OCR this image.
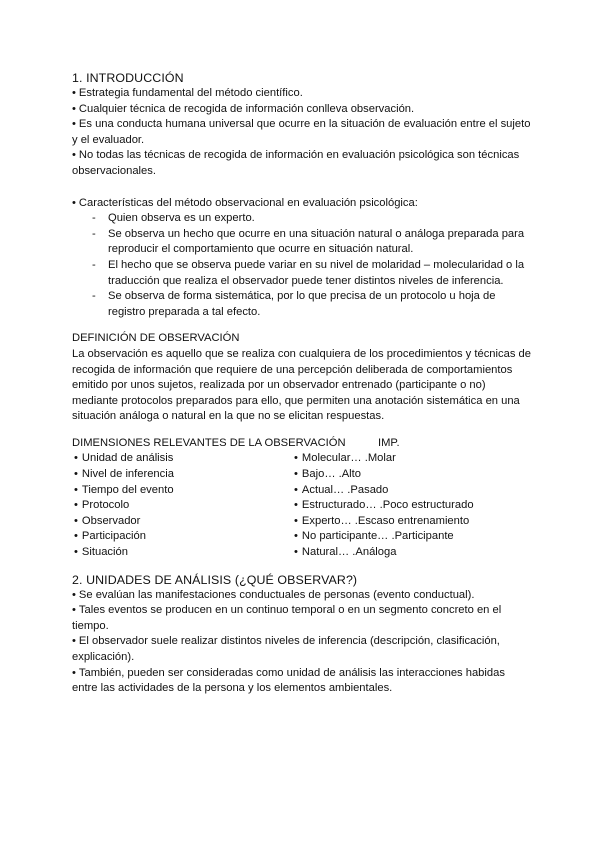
1. INTRODUCCIÓN
• Estrategia fundamental del método científico.
• Cualquier técnica de recogida de información conlleva observación.
• Es una conducta humana universal que ocurre en la situación de evaluación entre el sujeto y el evaluador.
• No todas las técnicas de recogida de información en evaluación psicológica son técnicas observacionales.
• Características del método observacional en evaluación psicológica:
- Quien observa es un experto.
- Se observa un hecho que ocurre en una situación natural o análoga preparada para reproducir el comportamiento que ocurre en situación natural.
- El hecho que se observa puede variar en su nivel de molaridad – molecularidad o la traducción que realiza el observador puede tener distintos niveles de inferencia.
- Se observa de forma sistemática, por lo que precisa de un protocolo u hoja de registro preparada a tal efecto.
DEFINICIÓN DE OBSERVACIÓN

La observación es aquello que se realiza con cualquiera de los procedimientos y técnicas de recogida de información que requiere de una percepción deliberada de comportamientos emitido por unos sujetos, realizada por un observador entrenado (participante o no) mediante protocolos preparados para ello, que permiten una anotación sistemática en una situación análoga o natural en la que no se elicitan respuestas.

DIMENSIONES RELEVANTES DE LA OBSERVACIÓN	IMP.
• Unidad de análisis
• Nivel de inferencia
• Tiempo del evento
• Protocolo
• Observador
• Participación
• Situación
• Molecular… .Molar
• Bajo… .Alto
• Actual… .Pasado
• Estructurado… .Poco estructurado
• Experto… .Escaso entrenamiento
• No participante… .Participante
• Natural… .Análoga
2. UNIDADES DE ANÁLISIS (¿QUÉ OBSERVAR?)
• Se evalúan las manifestaciones conductuales de personas (evento conductual).
• Tales eventos se producen en un continuo temporal o en un segmento concreto en el tiempo.
• El observador suele realizar distintos niveles de inferencia (descripción, clasificación, explicación).
• También, pueden ser consideradas como unidad de análisis las interacciones habidas entre las actividades de la persona y los elementos ambientales.
